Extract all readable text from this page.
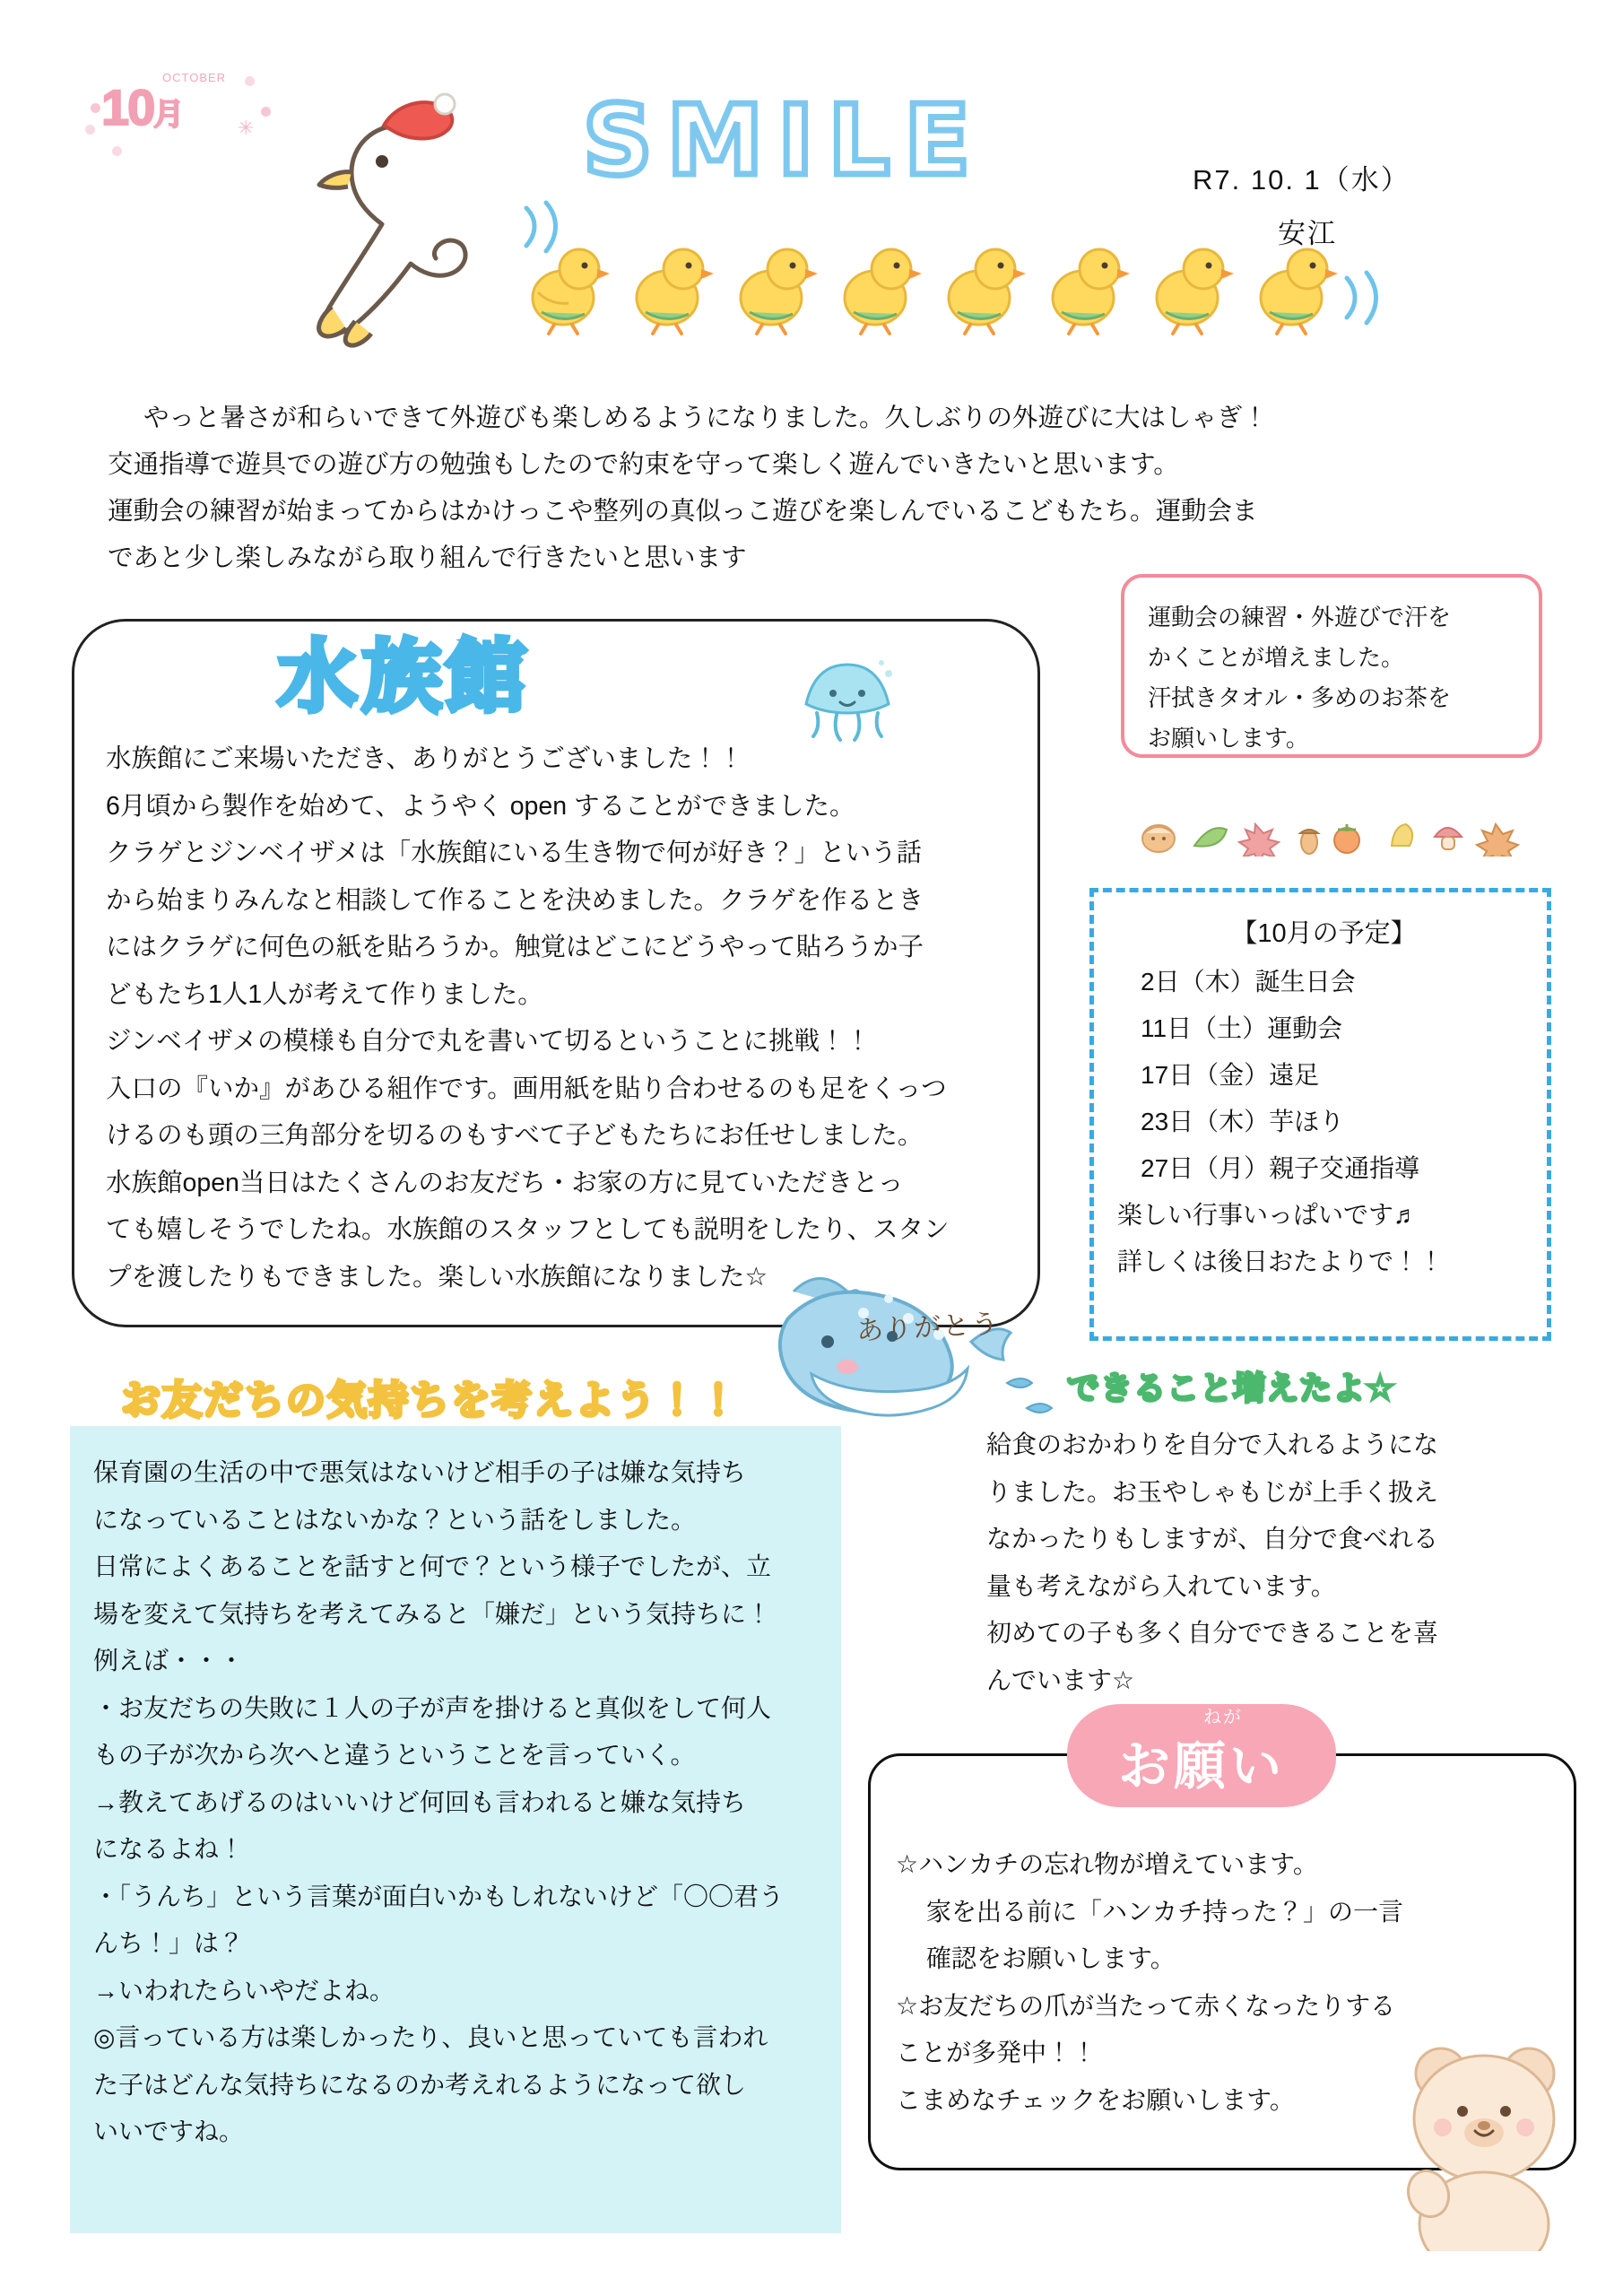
✳
OCTOBER
10月	SMILE	R7. 10. 1（水）
安江

やっと暑さが和らいできて外遊びも楽しめるようになりました。久しぶりの外遊びに大はしゃぎ！

交通指導で遊具での遊び方の勉強もしたので約束を守って楽しく遊んでいきたいと思います。

運動会の練習が始まってからはかけっこや整列の真似っこ遊びを楽しんでいるこどもたち。運動会ま

であと少し楽しみながら取り組んで行きたいと思います

運動会の練習・外遊びで汗を
かくことが増えました。
汗拭きタオル・多めのお茶を
お願いします。
【10月の予定】
2日（木）誕生日会
11日（土）運動会
17日（金）遠足
23日（木）芋ほり
27日（月）親子交通指導
楽しい行事いっぱいです♬
詳しくは後日おたよりで！！
水族館

水族館にご来場いただき、ありがとうございました！！

6月頃から製作を始めて、ようやく open することができました。

クラゲとジンベイザメは「水族館にいる生き物で何が好き？」という話

から始まりみんなと相談して作ることを決めました。クラゲを作るとき

にはクラゲに何色の紙を貼ろうか。触覚はどこにどうやって貼ろうか子

どもたち1人1人が考えて作りました。

ジンベイザメの模様も自分で丸を書いて切るということに挑戦！！

入口の『いか』があひる組作です。画用紙を貼り合わせるのも足をくっつ

けるのも頭の三角部分を切るのもすべて子どもたちにお任せしました。

水族館open当日はたくさんのお友だち・お家の方に見ていただきとっ

ても嬉しそうでしたね。水族館のスタッフとしても説明をしたり、スタン

プを渡したりもできました。楽しい水族館になりました☆

ありがとう
お友だちの気持ちを考えよう！！

保育園の生活の中で悪気はないけど相手の子は嫌な気持ち

になっていることはないかな？という話をしました。

日常によくあることを話すと何で？という様子でしたが、立

場を変えて気持ちを考えてみると「嫌だ」という気持ちに！

例えば・・・

・お友だちの失敗に１人の子が声を掛けると真似をして何人

もの子が次から次へと違うということを言っていく。

→教えてあげるのはいいけど何回も言われると嫌な気持ち

になるよね！

・「うんち」という言葉が面白いかもしれないけど「〇〇君う

んち！」は？

→いわれたらいやだよね。

◎言っている方は楽しかったり、良いと思っていても言われ

た子はどんな気持ちになるのか考えれるようになって欲し

いいですね。

できること増えたよ☆

給食のおかわりを自分で入れるようにな

りました。お玉やしゃもじが上手く扱え

なかったりもしますが、自分で食べれる

量も考えながら入れています。

初めての子も多く自分でできることを喜

んでいます☆

☆ハンカチの忘れ物が増えています。

家を出る前に「ハンカチ持った？」の一言

確認をお願いします。

☆お友だちの爪が当たって赤くなったりする

ことが多発中！！

こまめなチェックをお願いします。

ねが
お願い
